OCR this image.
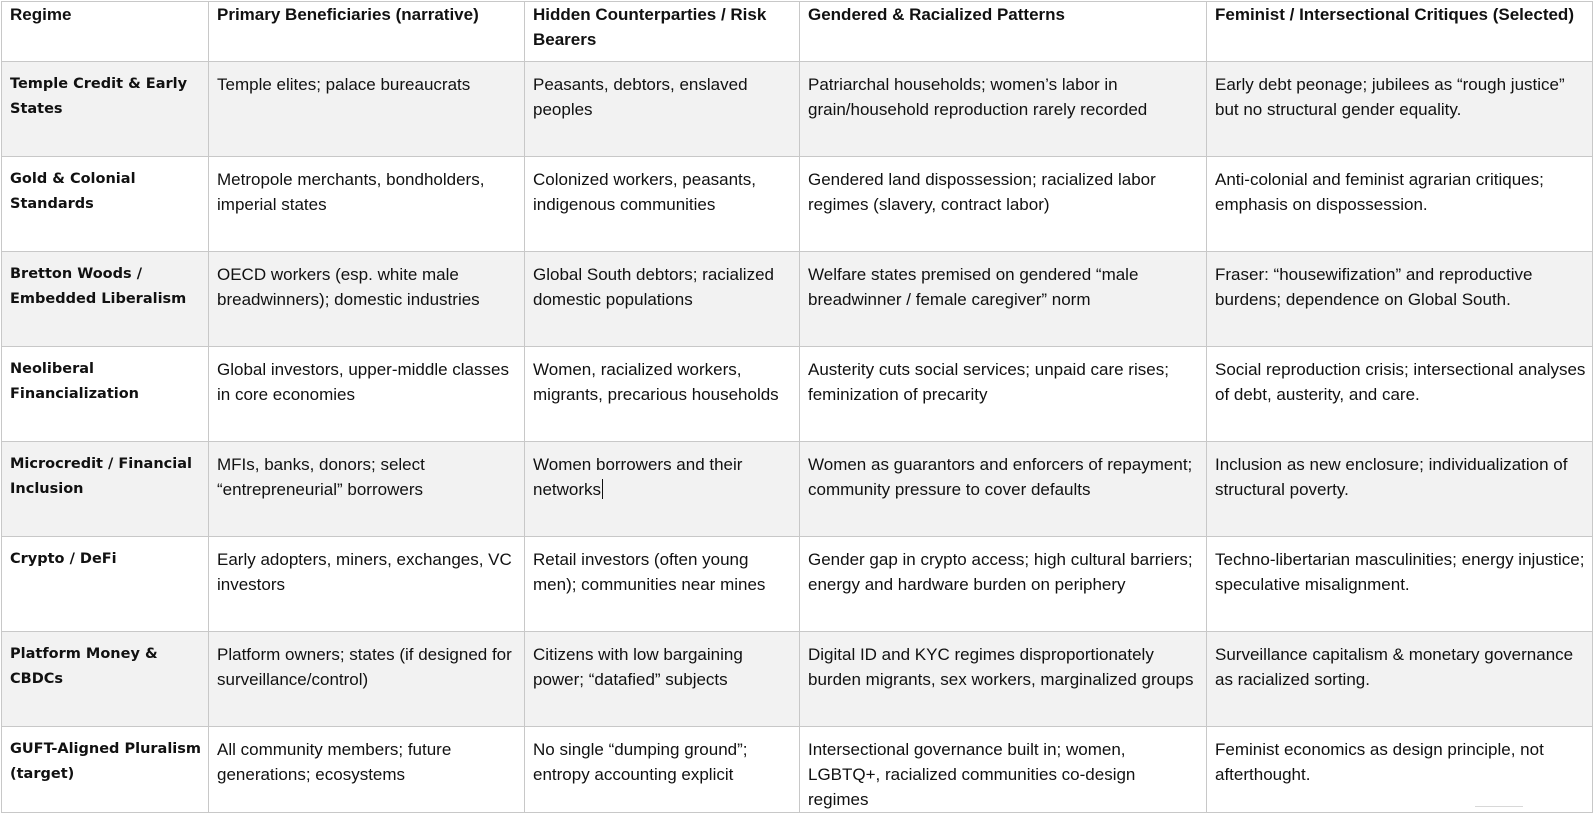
Regime	Primary Beneficiaries (narrative)	Hidden Counterparties / Risk Bearers	Gendered & Racialized Patterns	Feminist / Intersectional Critiques (Selected)
Temple Credit & Early States	Temple elites; palace bureaucrats	Peasants, debtors, enslaved peoples	Patriarchal households; women’s labor in grain/household reproduction rarely recorded	Early debt peonage; jubilees as “rough justice” but no structural gender equality.
Gold & Colonial Standards	Metropole merchants, bondholders, imperial states	Colonized workers, peasants, indigenous communities	Gendered land dispossession; racialized labor regimes (slavery, contract labor)	Anti-colonial and feminist agrarian critiques; emphasis on dispossession.
Bretton Woods / Embedded Liberalism	OECD workers (esp. white male breadwinners); domestic industries	Global South debtors; racialized domestic populations	Welfare states premised on gendered “male breadwinner / female caregiver” norm	Fraser: “housewifization” and reproductive burdens; dependence on Global South.
Neoliberal Financialization	Global investors, upper-middle classes in core economies	Women, racialized workers, migrants, precarious households	Austerity cuts social services; unpaid care rises; feminization of precarity	Social reproduction crisis; intersectional analyses of debt, austerity, and care.
Microcredit / Financial Inclusion	MFIs, banks, donors; select “entrepreneurial” borrowers	Women borrowers and their networks	Women as guarantors and enforcers of repayment; community pressure to cover defaults	Inclusion as new enclosure; individualization of structural poverty.
Crypto / DeFi	Early adopters, miners, exchanges, VC investors	Retail investors (often young men); communities near mines	Gender gap in crypto access; high cultural barriers; energy and hardware burden on periphery	Techno-libertarian masculinities; energy injustice; speculative misalignment.
Platform Money & CBDCs	Platform owners; states (if designed for surveillance/control)	Citizens with low bargaining power; “datafied” subjects	Digital ID and KYC regimes disproportionately burden migrants, sex workers, marginalized groups	Surveillance capitalism & monetary governance as racialized sorting.
GUFT-Aligned Pluralism (target)	All community members; future generations; ecosystems	No single “dumping ground”; entropy accounting explicit	Intersectional governance built in; women, LGBTQ+, racialized communities co-design regimes	Feminist economics as design principle, not afterthought.
